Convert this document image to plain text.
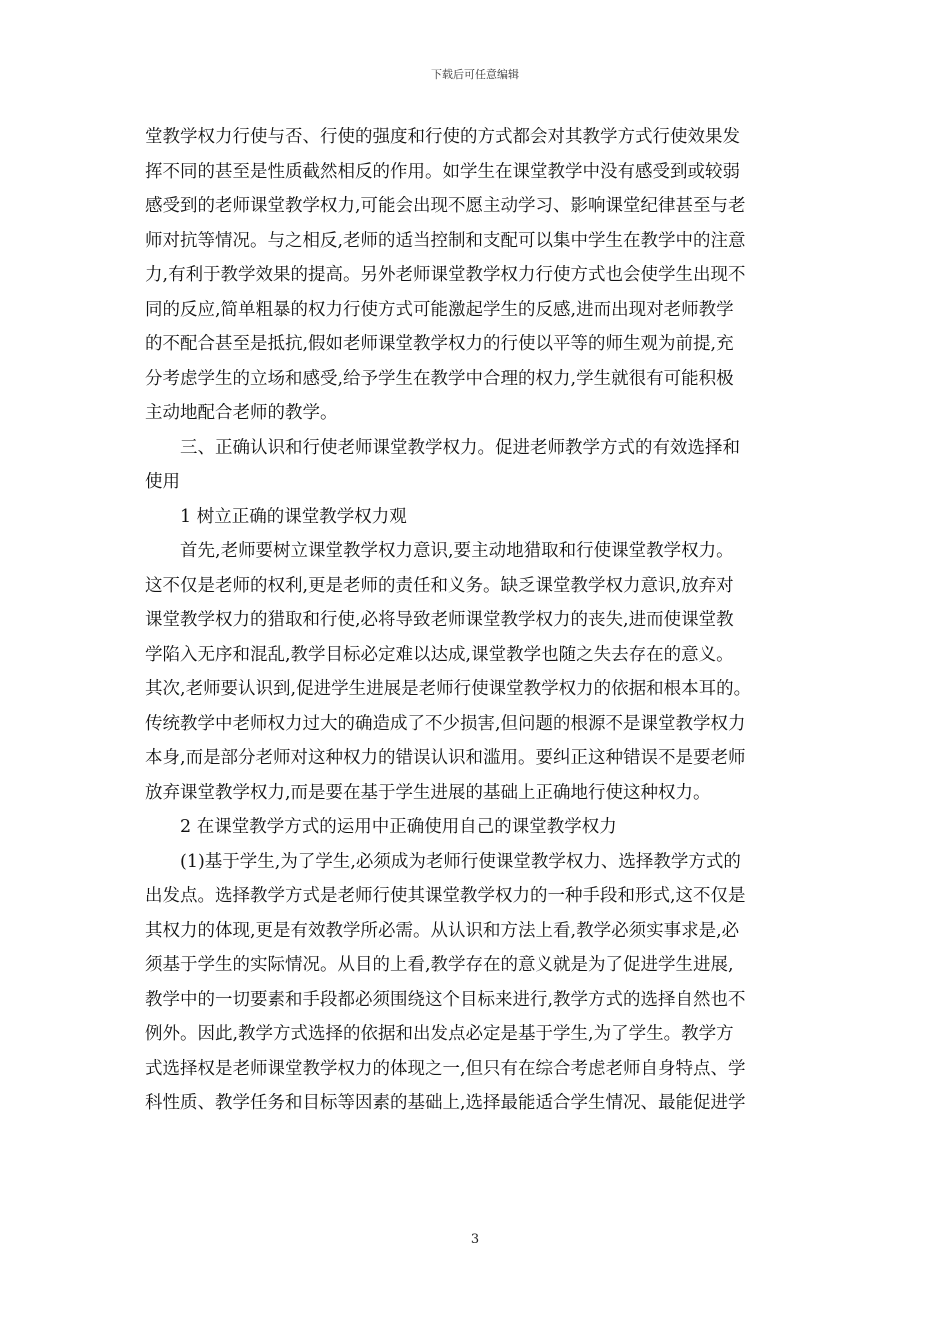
下载后可任意编辑
堂教学权力行使与否、行使的强度和行使的方式都会对其教学方式行使效果发
挥不同的甚至是性质截然相反的作用。如学生在课堂教学中没有感受到或较弱
感受到的老师课堂教学权力,可能会出现不愿主动学习、影响课堂纪律甚至与老
师对抗等情况。与之相反,老师的适当控制和支配可以集中学生在教学中的注意
力,有利于教学效果的提高。另外老师课堂教学权力行使方式也会使学生出现不
同的反应,简单粗暴的权力行使方式可能激起学生的反感,进而出现对老师教学
的不配合甚至是抵抗,假如老师课堂教学权力的行使以平等的师生观为前提,充
分考虑学生的立场和感受,给予学生在教学中合理的权力,学生就很有可能积极
主动地配合老师的教学。
三、正确认识和行使老师课堂教学权力。促进老师教学方式的有效选择和
使用
1 树立正确的课堂教学权力观
首先,老师要树立课堂教学权力意识,要主动地猎取和行使课堂教学权力。
这不仅是老师的权利,更是老师的责任和义务。缺乏课堂教学权力意识,放弃对
课堂教学权力的猎取和行使,必将导致老师课堂教学权力的丧失,进而使课堂教
学陷入无序和混乱,教学目标必定难以达成,课堂教学也随之失去存在的意义。
其次,老师要认识到,促进学生进展是老师行使课堂教学权力的依据和根本耳的。
传统教学中老师权力过大的确造成了不少损害,但问题的根源不是课堂教学权力
本身,而是部分老师对这种权力的错误认识和滥用。要纠正这种错误不是要老师
放弃课堂教学权力,而是要在基于学生进展的基础上正确地行使这种权力。
2 在课堂教学方式的运用中正确使用自己的课堂教学权力
(1)基于学生,为了学生,必须成为老师行使课堂教学权力、选择教学方式的
出发点。选择教学方式是老师行使其课堂教学权力的一种手段和形式,这不仅是
其权力的体现,更是有效教学所必需。从认识和方法上看,教学必须实事求是,必
须基于学生的实际情况。从目的上看,教学存在的意义就是为了促进学生进展,
教学中的一切要素和手段都必须围绕这个目标来进行,教学方式的选择自然也不
例外。因此,教学方式选择的依据和出发点必定是基于学生,为了学生。教学方
式选择权是老师课堂教学权力的体现之一,但只有在综合考虑老师自身特点、学
科性质、教学任务和目标等因素的基础上,选择最能适合学生情况、最能促进学
3
